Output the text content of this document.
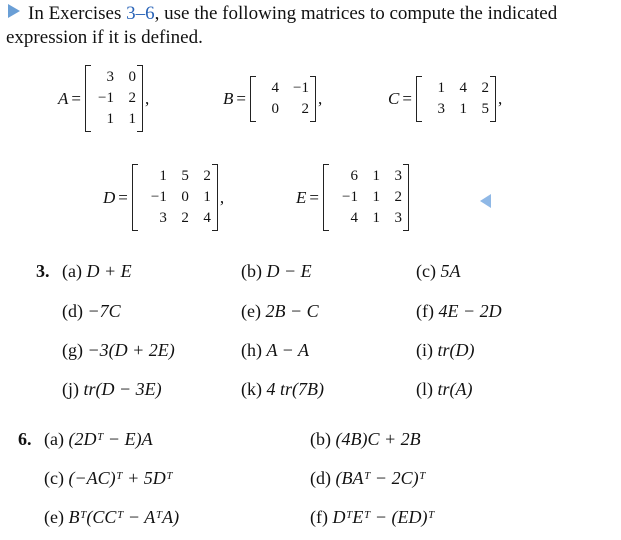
In Exercises 3–6, use the following matrices to compute the indicated expression if it is defined.
A =
3 0
−1 2
1 1
,	B =
4 −1
0	2
,	C =
1 4 2
3 1 5
,
D =
1 5 2
−1 0 1
3 2 4
,	E =
6 1 3
−1 1 2
4 1 3
3. (a) D + E	(b) D − E	(c) 5A
(d) −7C	(e) 2B − C	(f) 4E − 2D
(g) −3(D + 2E)	(h) A − A	(i) tr(D)
(j) tr(D − 3E)	(k) 4 tr(7B)	(l) tr(A)
6. (a) (2Dᵀ − E)A	(b) (4B)C + 2B
(c) (−AC)ᵀ + 5Dᵀ	(d) (BAᵀ − 2C)ᵀ
(e) Bᵀ(CCᵀ − AᵀA)	(f) DᵀEᵀ − (ED)ᵀ
